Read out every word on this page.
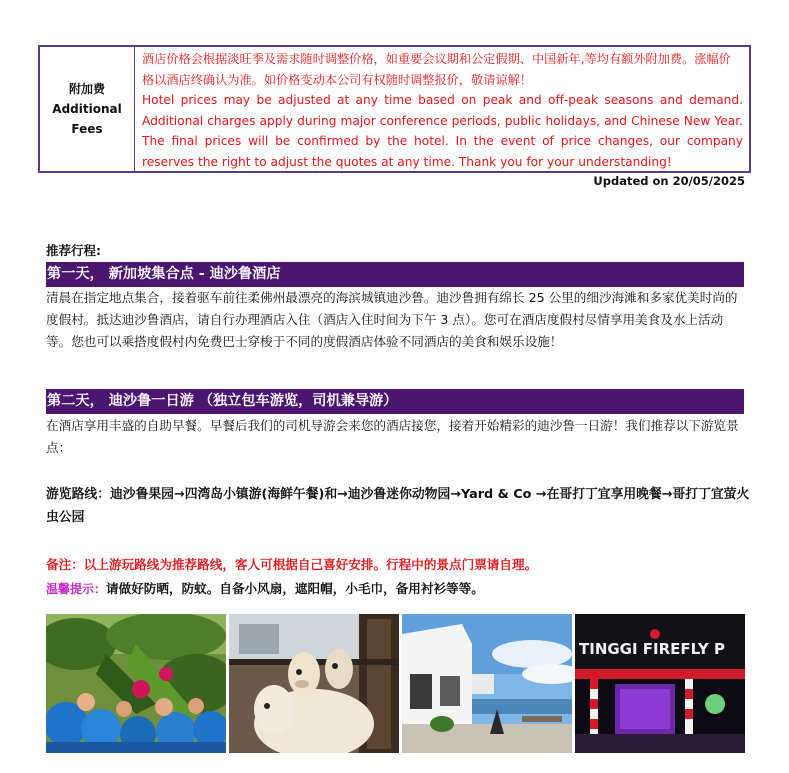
附加费
Additional
Fees
酒店价格会根据淡旺季及需求随时调整价格，如重要会议期和公定假期、中国新年,等均有额外附加费。涨幅价格以酒店终确认为准。如价格变动本公司有权随时调整报价，敬请谅解！
Hotel prices may be adjusted at any time based on peak and off-peak seasons and demand. Additional charges apply during major conference periods, public holidays, and Chinese New Year. The final prices will be confirmed by the hotel. In the event of price changes, our company reserves the right to adjust the quotes at any time. Thank you for your understanding!
Updated on 20/05/2025
推荐行程:
第一天， 新加坡集合点 - 迪沙鲁酒店
清晨在指定地点集合，接着驱车前往柔佛州最漂亮的海滨城镇迪沙鲁。迪沙鲁拥有绵长 25 公里的细沙海滩和多家优美时尚的度假村。抵达迪沙鲁酒店，请自行办理酒店入住（酒店入住时间为下午 3 点）。您可在酒店度假村尽情享用美食及水上活动等。您也可以乘搭度假村内免费巴士穿梭于不同的度假酒店体验不同酒店的美食和娱乐设施！
第二天， 迪沙鲁一日游 （独立包车游览，司机兼导游）
在酒店享用丰盛的自助早餐。早餐后我们的司机导游会来您的酒店接您，接着开始精彩的迪沙鲁一日游！我们推荐以下游览景点：
游览路线：迪沙鲁果园→四湾岛小镇游(海鲜午餐)和→迪沙鲁迷你动物园→Yard & Co →在哥打丁宜享用晚餐→哥打丁宜萤火虫公园
备注：以上游玩路线为推荐路线，客人可根据自己喜好安排。行程中的景点门票请自理。
温馨提示：请做好防晒，防蚊。自备小风扇，遮阳帽，小毛巾，备用衬衫等等。
TINGGI FIREFLY P
